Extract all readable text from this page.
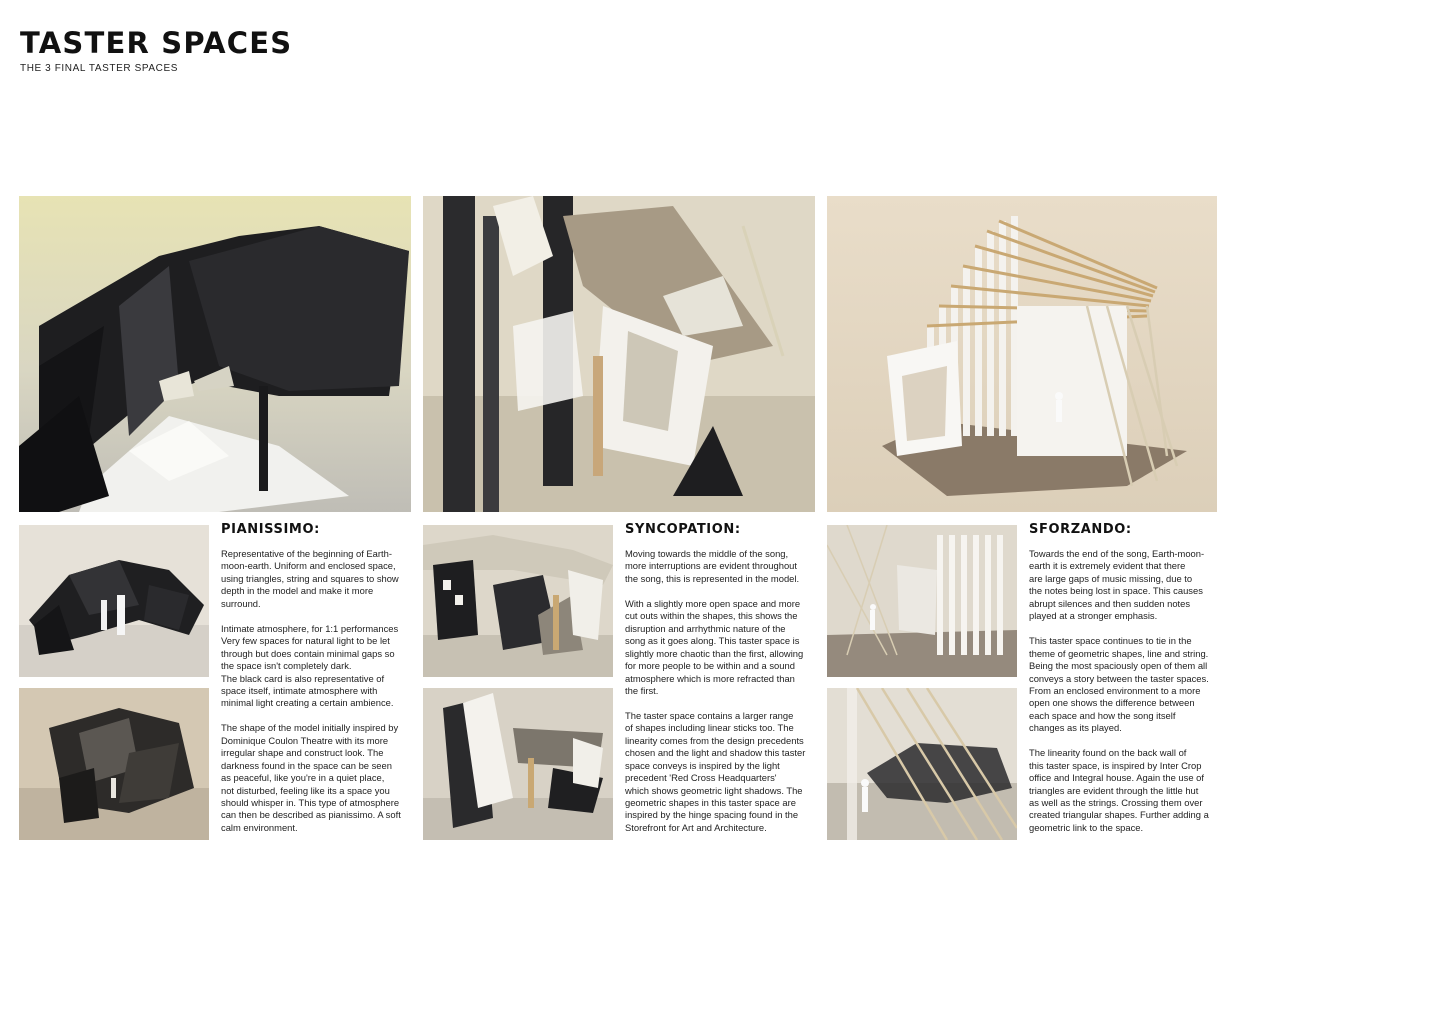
TASTER SPACES

THE 3 FINAL TASTER SPACES

PIANISSIMO:

Representative of the beginning of Earth-
moon-earth. Uniform and enclosed space,
using triangles, string and squares to show
depth in the model and make it more
surround.

Intimate atmosphere, for 1:1 performances
Very few spaces for natural light to be let
through but does contain minimal gaps so
the space isn't completely dark.
The black card is also representative of
space itself, intimate atmosphere with
minimal light creating a certain ambience.

The shape of the model initially inspired by
Dominique Coulon Theatre with its more
irregular shape and construct look. The
darkness found in the space can be seen
as peaceful, like you're in a quiet place,
not disturbed, feeling like its a space you
should whisper in. This type of atmosphere
can then be described as pianissimo. A soft
calm environment.

SYNCOPATION:

Moving towards the middle of the song,
more interruptions are evident throughout
the song, this is represented in the model.

With a slightly more open space and more
cut outs within the shapes, this shows the
disruption and arrhythmic nature of the
song as it goes along. This taster space is
slightly more chaotic than the first, allowing
for more people to be within and a sound
atmosphere which is more refracted than
the first.

The taster space contains a larger range
of shapes including linear sticks too. The
linearity comes from the design precedents
chosen and the light and shadow this taster
space conveys is inspired by the light
precedent 'Red Cross Headquarters'
which shows geometric light shadows. The
geometric shapes in this taster space are
inspired by the hinge spacing found in the
Storefront for Art and Architecture.

SFORZANDO:

Towards the end of the song, Earth-moon-
earth it is extremely evident that there
are large gaps of music missing, due to
the notes being lost in space. This causes
abrupt silences and then sudden notes
played at a stronger emphasis.

This taster space continues to tie in the
theme of geometric shapes, line and string.
Being the most spaciously open of them all
conveys a story between the taster spaces.
From an enclosed environment to a more
open one shows the difference between
each space and how the song itself
changes as its played.

The linearity found on the back wall of
this taster space, is inspired by Inter Crop
office and Integral house. Again the use of
triangles are evident through the little hut
as well as the strings. Crossing them over
created triangular shapes. Further adding a
geometric link to the space.
